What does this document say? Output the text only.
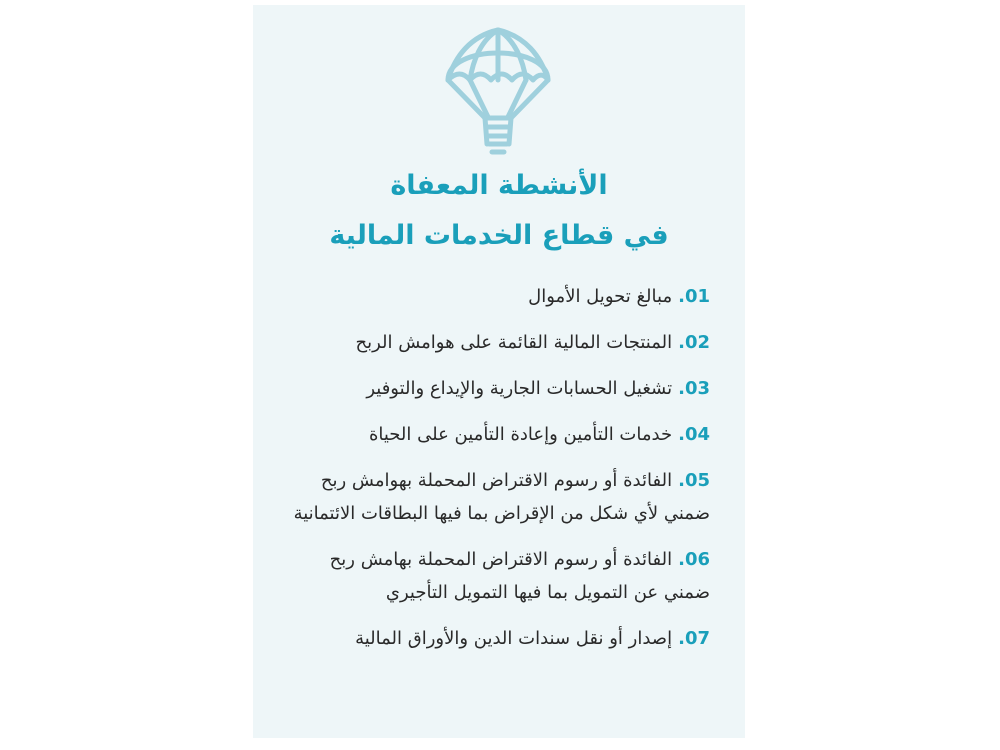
الأنشطة المعفاة
في قطاع الخدمات المالية
01.مبالغ تحويل الأموال
02.المنتجات المالية القائمة على هوامش الربح
03.تشغيل الحسابات الجارية والإيداع والتوفير
04.خدمات التأمين وإعادة التأمين على الحياة
05.الفائدة أو رسوم الاقتراض المحملة بهوامش ربح ضمني لأي شكل من الإقراض بما فيها البطاقات الائتمانية
06.الفائدة أو رسوم الاقتراض المحملة بهامش ربح ضمني عن التمويل بما فيها التمويل التأجيري
07.إصدار أو نقل سندات الدين والأوراق المالية
